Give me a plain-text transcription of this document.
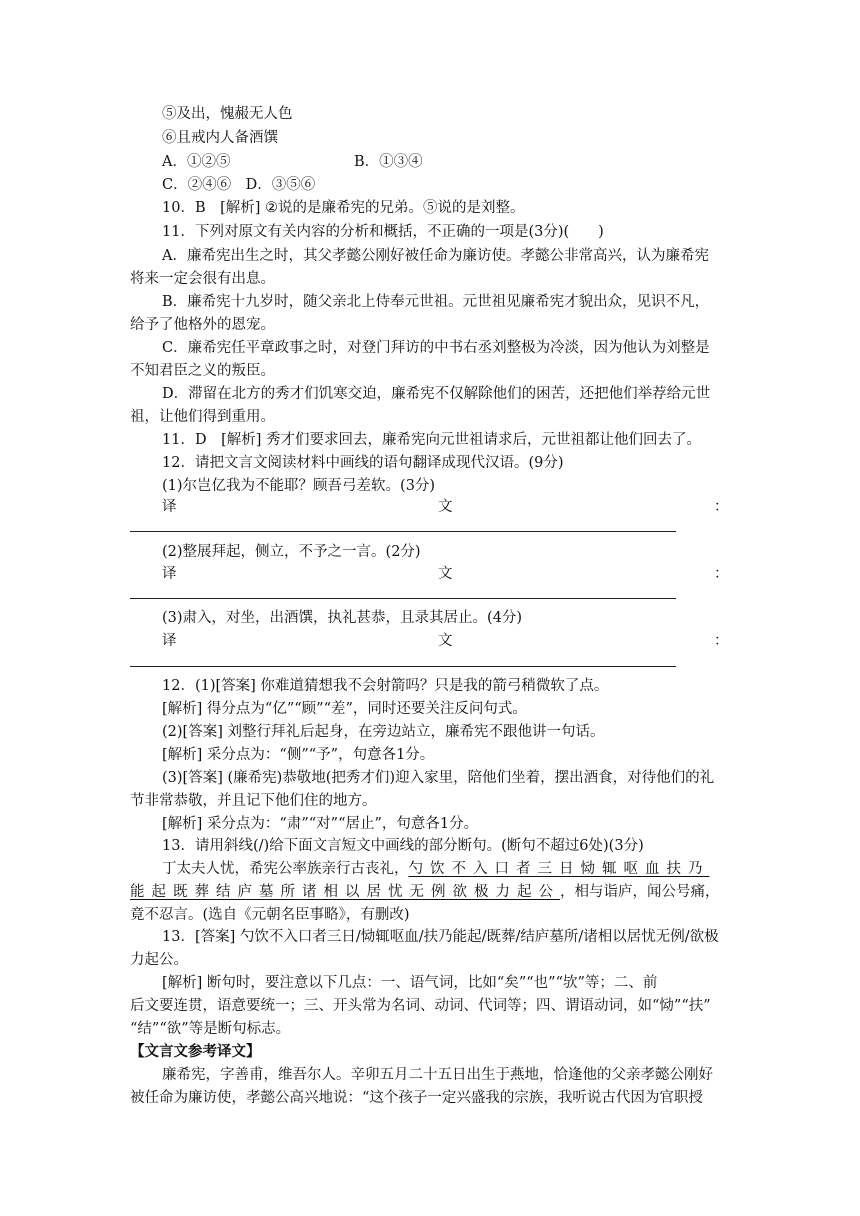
⑤及出，愧赧无人色
⑥且戒内人备酒馔
A．①②⑤	B．①③④
C．②④⑥　D．③⑤⑥
10．B　[解析] ②说的是廉希宪的兄弟。⑤说的是刘整。
11．下列对原文有关内容的分析和概括，不正确的一项是(3分)(　　)
A．廉希宪出生之时，其父孝懿公刚好被任命为廉访使。孝懿公非常高兴，认为廉希宪
将来一定会很有出息。
B．廉希宪十九岁时，随父亲北上侍奉元世祖。元世祖见廉希宪才貌出众，见识不凡，
给予了他格外的恩宠。
C．廉希宪任平章政事之时，对登门拜访的中书右丞刘整极为冷淡，因为他认为刘整是
不知君臣之义的叛臣。
D．滞留在北方的秀才们饥寒交迫，廉希宪不仅解除他们的困苦，还把他们举荐给元世
祖，让他们得到重用。
11．D　[解析] 秀才们要求回去，廉希宪向元世祖请求后，元世祖都让他们回去了。
12．请把文言文阅读材料中画线的语句翻译成现代汉语。(9分)
(1)尔岂亿我为不能耶？顾吾弓差软。(3分)
译	文	：
(2)整展拜起，侧立，不予之一言。(2分)
译	文	：
(3)肃入，对坐，出酒馔，执礼甚恭，且录其居止。(4分)
译	文	：
12．(1)[答案] 你难道猜想我不会射箭吗？只是我的箭弓稍微软了点。
[解析] 得分点为“亿”“顾”“差”，同时还要关注反问句式。
(2)[答案] 刘整行拜礼后起身，在旁边站立，廉希宪不跟他讲一句话。
[解析] 采分点为：“侧”“予”，句意各1分。
(3)[答案] (廉希宪)恭敬地(把秀才们)迎入家里，陪他们坐着，摆出酒食，对待他们的礼
节非常恭敬，并且记下他们住的地方。
[解析] 采分点为：“肃”“对”“居止”，句意各1分。
13．请用斜线(/)给下面文言短文中画线的部分断句。(断句不超过6处)(3分)
丁太夫人忧，希宪公率族亲行古丧礼，勺饮不入口者三日恸辄呕血扶乃
能起既葬结庐墓所诸相以居忧无例欲极力起公，相与诣庐，闻公号痛，
竟不忍言。(选自《元朝名臣事略》，有删改)
13．[答案] 勺饮不入口者三日/恸辄呕血/扶乃能起/既葬/结庐墓所/诸相以居忧无例/欲极
力起公。
[解析] 断句时，要注意以下几点：一、语气词，比如“矣”“也”“欤”等；二、前
后文要连贯，语意要统一；三、开头常为名词、动词、代词等；四、谓语动词，如“恸”“扶”
“结”“欲”等是断句标志。
【文言文参考译文】
廉希宪，字善甫，维吾尔人。辛卯五月二十五日出生于燕地，恰逢他的父亲孝懿公刚好
被任命为廉访使，孝懿公高兴地说：“这个孩子一定兴盛我的宗族，我听说古代因为官职授
